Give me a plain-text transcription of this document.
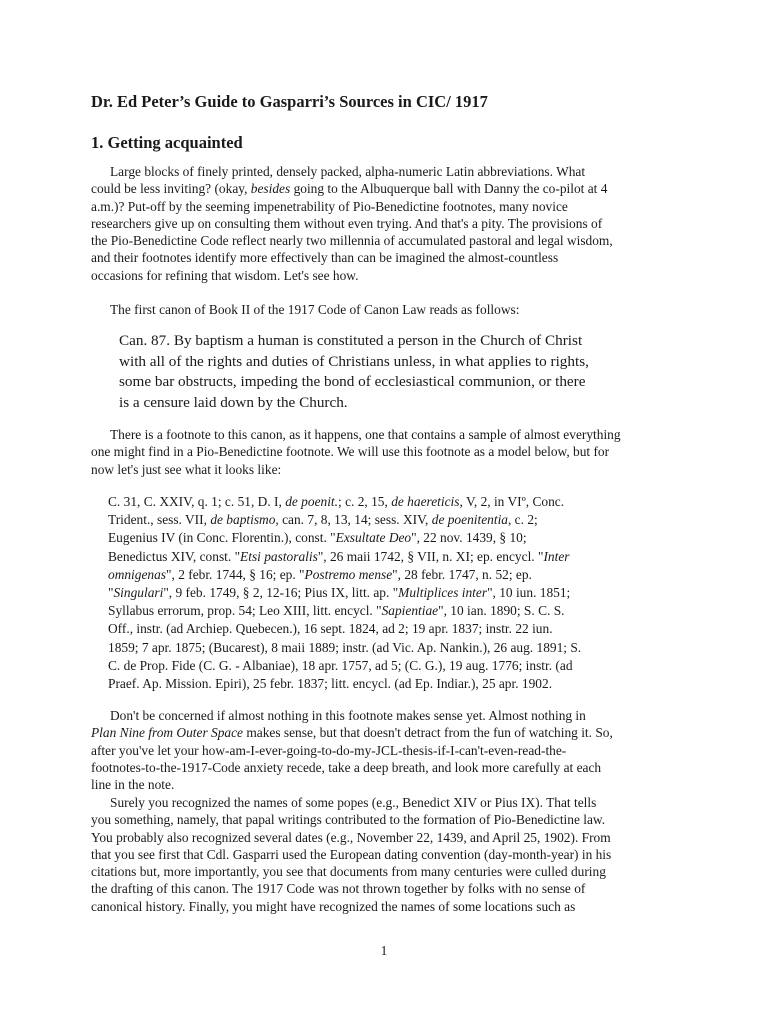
Dr. Ed Peter’s Guide to Gasparri’s Sources in CIC/ 1917
1. Getting acquainted
Large blocks of finely printed, densely packed, alpha-numeric Latin abbreviations. What
could be less inviting? (okay, besides going to the Albuquerque ball with Danny the co-pilot at 4
a.m.)? Put-off by the seeming impenetrability of Pio-Benedictine footnotes, many novice
researchers give up on consulting them without even trying. And that's a pity. The provisions of
the Pio-Benedictine Code reflect nearly two millennia of accumulated pastoral and legal wisdom,
and their footnotes identify more effectively than can be imagined the almost-countless
occasions for refining that wisdom. Let's see how.
The first canon of Book II of the 1917 Code of Canon Law reads as follows:
Can. 87. By baptism a human is constituted a person in the Church of Christ
with all of the rights and duties of Christians unless, in what applies to rights,
some bar obstructs, impeding the bond of ecclesiastical communion, or there
is a censure laid down by the Church.
There is a footnote to this canon, as it happens, one that contains a sample of almost everything
one might find in a Pio-Benedictine footnote. We will use this footnote as a model below, but for
now let's just see what it looks like:
C. 31, C. XXIV, q. 1; c. 51, D. I, de poenit.; c. 2, 15, de haereticis, V, 2, in VIº, Conc.
Trident., sess. VII, de baptismo, can. 7, 8, 13, 14; sess. XIV, de poenitentia, c. 2;
Eugenius IV (in Conc. Florentin.), const. "Exsultate Deo", 22 nov. 1439, § 10;
Benedictus XIV, const. "Etsi pastoralis", 26 maii 1742, § VII, n. XI; ep. encycl. "Inter
omnigenas", 2 febr. 1744, § 16; ep. "Postremo mense", 28 febr. 1747, n. 52; ep.
"Singulari", 9 feb. 1749, § 2, 12-16; Pius IX, litt. ap. "Multiplices inter", 10 iun. 1851;
Syllabus errorum, prop. 54; Leo XIII, litt. encycl. "Sapientiae", 10 ian. 1890; S. C. S.
Off., instr. (ad Archiep. Quebecen.), 16 sept. 1824, ad 2; 19 apr. 1837; instr. 22 iun.
1859; 7 apr. 1875; (Bucarest), 8 maii 1889; instr. (ad Vic. Ap. Nankin.), 26 aug. 1891; S.
C. de Prop. Fide (C. G. - Albaniae), 18 apr. 1757, ad 5; (C. G.), 19 aug. 1776; instr. (ad
Praef. Ap. Mission. Epiri), 25 febr. 1837; litt. encycl. (ad Ep. Indiar.), 25 apr. 1902.
Don't be concerned if almost nothing in this footnote makes sense yet. Almost nothing in
Plan Nine from Outer Space makes sense, but that doesn't detract from the fun of watching it. So,
after you've let your how-am-I-ever-going-to-do-my-JCL-thesis-if-I-can't-even-read-the-
footnotes-to-the-1917-Code anxiety recede, take a deep breath, and look more carefully at each
line in the note.
Surely you recognized the names of some popes (e.g., Benedict XIV or Pius IX). That tells
you something, namely, that papal writings contributed to the formation of Pio-Benedictine law.
You probably also recognized several dates (e.g., November 22, 1439, and April 25, 1902). From
that you see first that Cdl. Gasparri used the European dating convention (day-month-year) in his
citations but, more importantly, you see that documents from many centuries were culled during
the drafting of this canon. The 1917 Code was not thrown together by folks with no sense of
canonical history. Finally, you might have recognized the names of some locations such as
1
